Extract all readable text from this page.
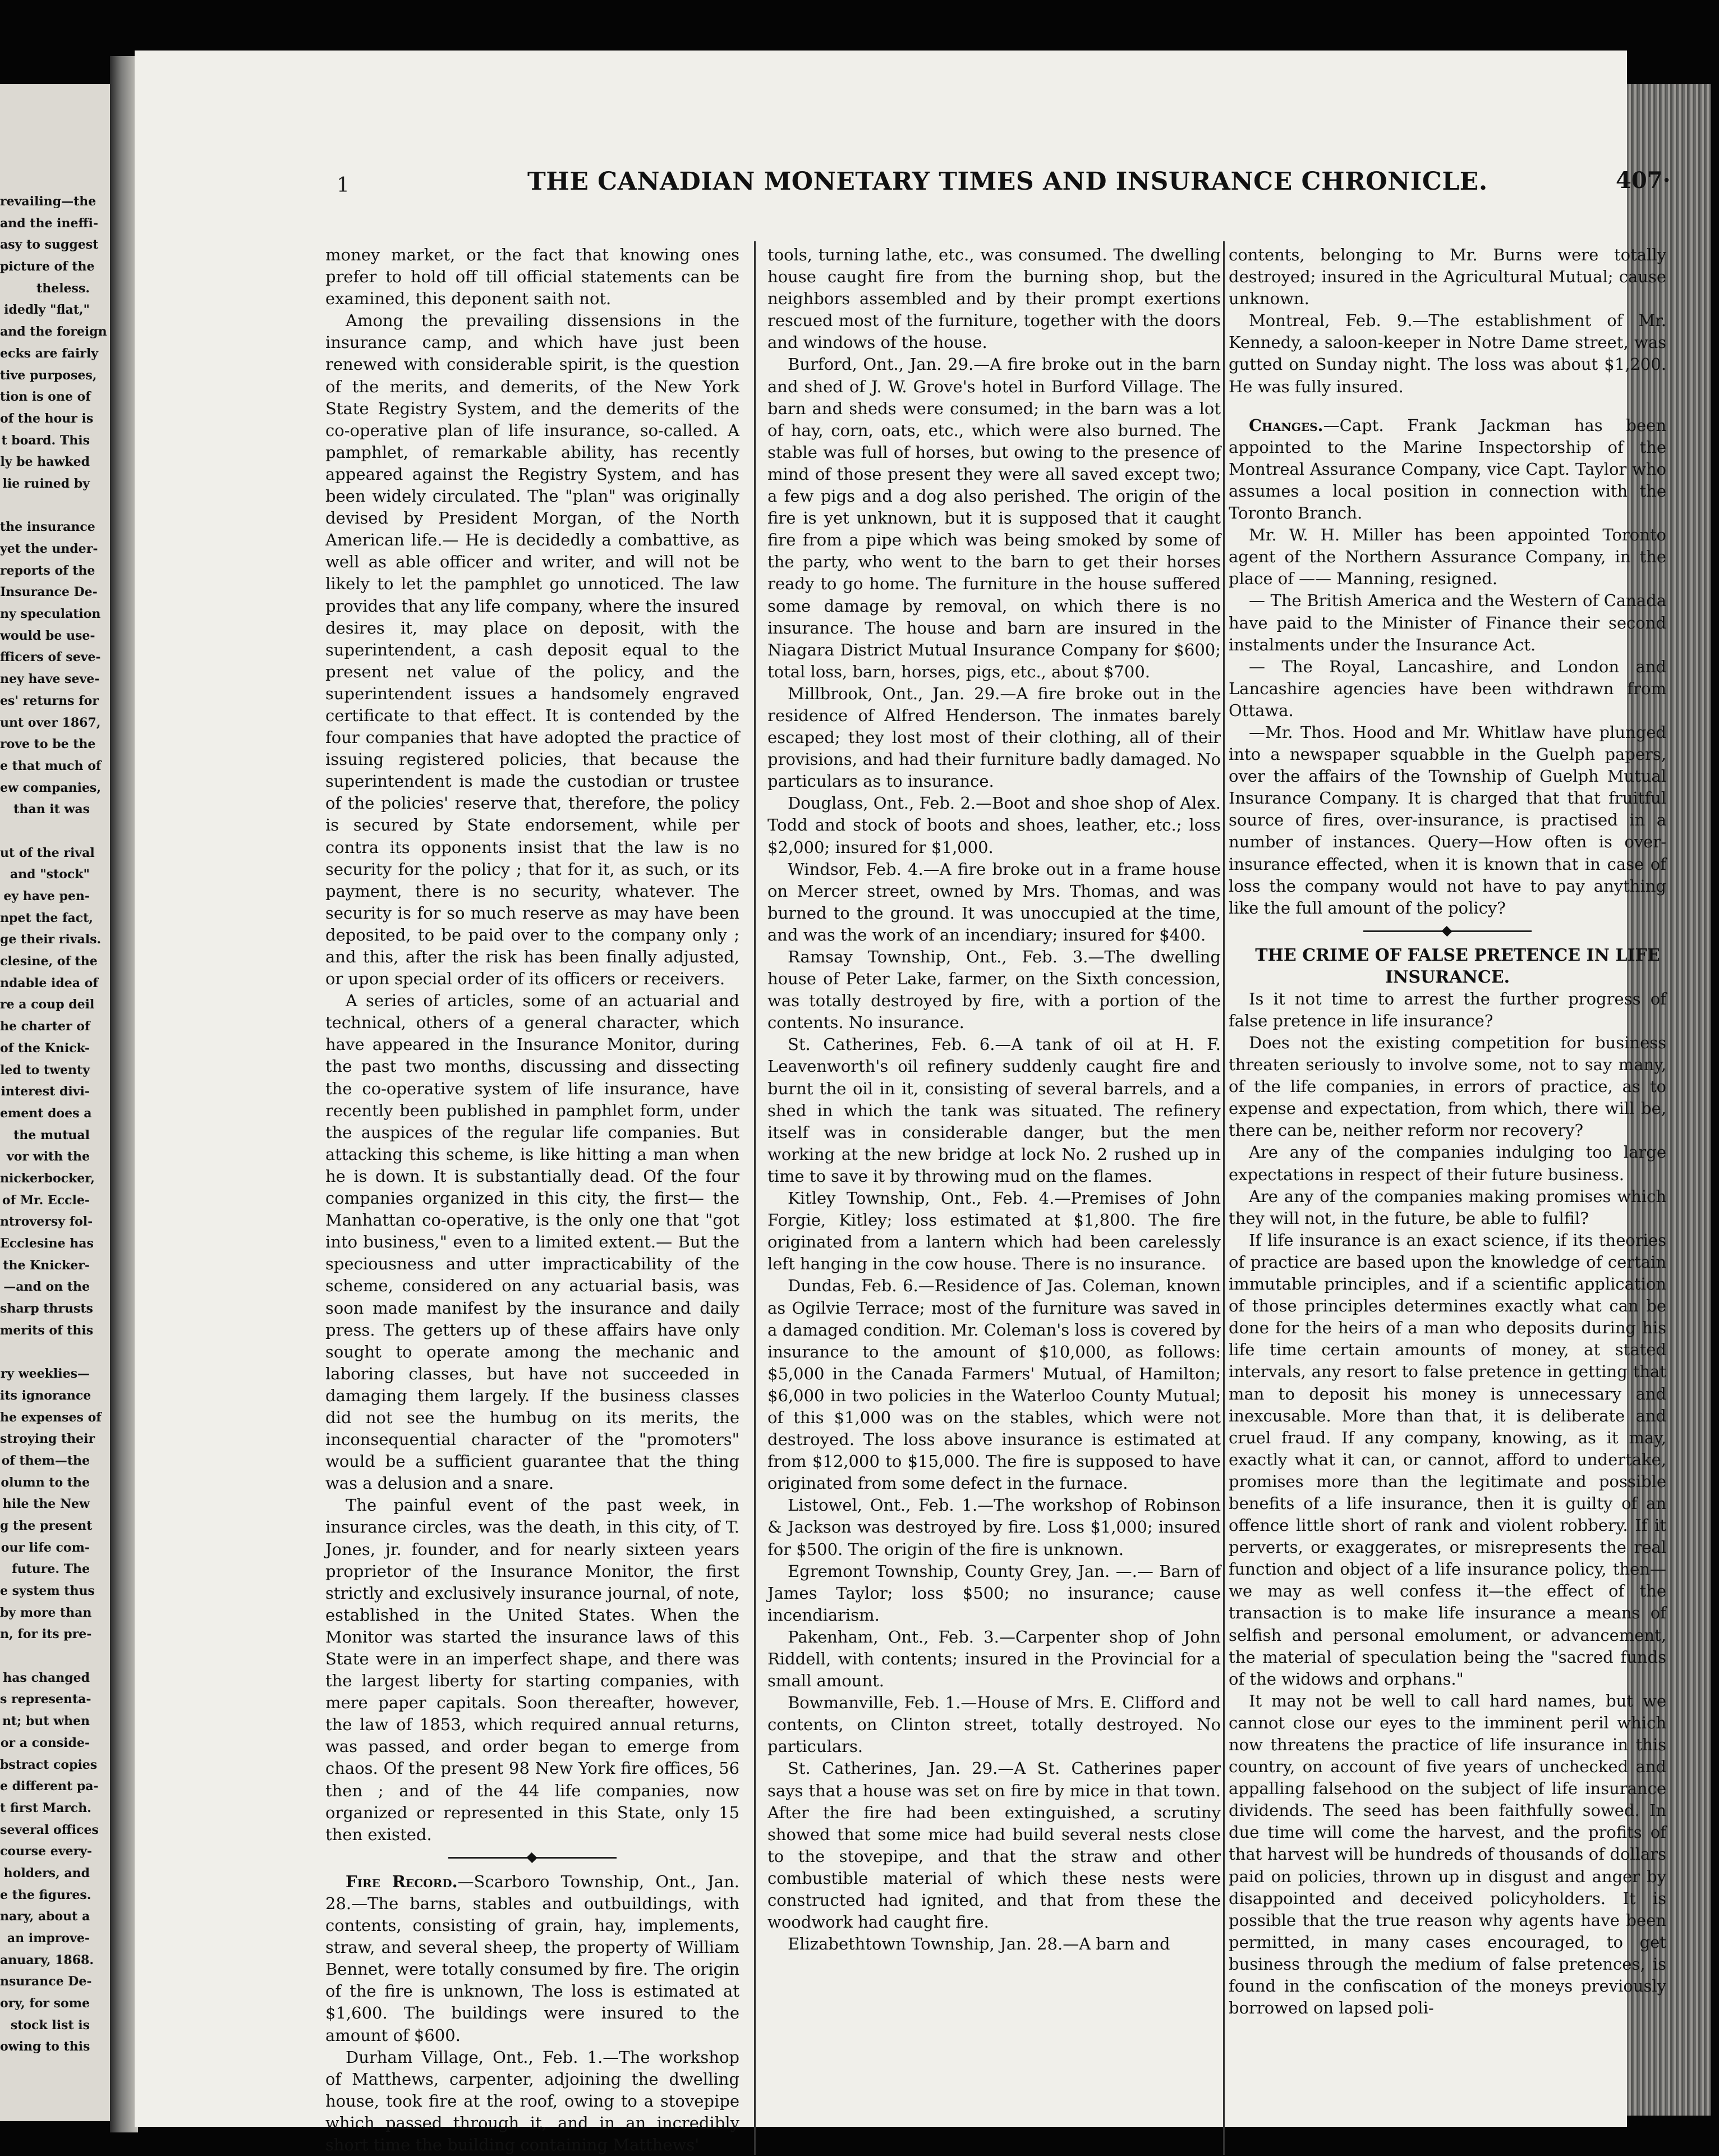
revailing—the
and the ineffi-
asy to suggest
picture of the
theless.
idedly "flat,"
and the foreign
ecks are fairly
tive purposes,
tion is one of
of the hour is
t board. This
ly be hawked
lie ruined by

the insurance
yet the under-
reports of the
Insurance De-
ny speculation
would be use-
fficers of seve-
ney have seve-
es' returns for
unt over 1867,
rove to be the
e that much of
ew companies,
than it was

ut of the rival
and "stock"
ey have pen-
npet the fact,
ge their rivals.
clesine, of the
ndable idea of
re a coup deil
he charter of
of the Knick-
led to twenty
interest divi-
ement does a
the mutual
vor with the
nickerbocker,
of Mr. Eccle-
ntroversy fol-
Ecclesine has
the Knicker-
—and on the
sharp thrusts
merits of this

ry weeklies—
its ignorance
he expenses of
stroying their
of them—the
olumn to the
hile the New
g the present
our life com-
future. The
e system thus
by more than
n, for its pre-

has changed
s representa-
nt; but when
or a conside-
bstract copies
e different pa-
t first March.
several offices
course every-
holders, and
e the figures.
nary, about a
an improve-
anuary, 1868.
nsurance De-
ory, for some
stock list is
owing to this
1	THE CANADIAN MONETARY TIMES AND INSURANCE CHRONICLE.	407·

money market, or the fact that knowing ones prefer to hold off till official statements can be examined, this deponent saith not.

Among the prevailing dissensions in the insurance camp, and which have just been renewed with considerable spirit, is the question of the merits, and demerits, of the New York State Registry System, and the demerits of the co-operative plan of life insurance, so-called. A pamphlet, of remarkable ability, has recently appeared against the Registry System, and has been widely circulated. The "plan" was originally devised by President Morgan, of the North American life.— He is decidedly a combattive, as well as able officer and writer, and will not be likely to let the pamphlet go unnoticed. The law provides that any life company, where the insured desires it, may place on deposit, with the superintendent, a cash deposit equal to the present net value of the policy, and the superintendent issues a handsomely engraved certificate to that effect. It is contended by the four companies that have adopted the practice of issuing registered policies, that because the superintendent is made the custodian or trustee of the policies' reserve that, therefore, the policy is secured by State endorsement, while per contra its opponents insist that the law is no security for the policy ; that for it, as such, or its payment, there is no security, whatever. The security is for so much reserve as may have been deposited, to be paid over to the company only ; and this, after the risk has been finally adjusted, or upon special order of its officers or receivers.

A series of articles, some of an actuarial and technical, others of a general character, which have appeared in the Insurance Monitor, during the past two months, discussing and dissecting the co-operative system of life insurance, have recently been published in pamphlet form, under the auspices of the regular life companies. But attacking this scheme, is like hitting a man when he is down. It is substantially dead. Of the four companies organized in this city, the first— the Manhattan co-operative, is the only one that "got into business," even to a limited extent.— But the speciousness and utter impracticability of the scheme, considered on any actuarial basis, was soon made manifest by the insurance and daily press. The getters up of these affairs have only sought to operate among the mechanic and laboring classes, but have not succeeded in damaging them largely. If the business classes did not see the humbug on its merits, the inconsequential character of the "promoters" would be a sufficient guarantee that the thing was a delusion and a snare.

The painful event of the past week, in insurance circles, was the death, in this city, of T. Jones, jr. founder, and for nearly sixteen years proprietor of the Insurance Monitor, the first strictly and exclusively insurance journal, of note, established in the United States. When the Monitor was started the insurance laws of this State were in an imperfect shape, and there was the largest liberty for starting companies, with mere paper capitals. Soon thereafter, however, the law of 1853, which required annual returns, was passed, and order began to emerge from chaos. Of the present 98 New York fire offices, 56 then ; and of the 44 life companies, now organized or represented in this State, only 15 then existed.

Fire Record.—Scarboro Township, Ont., Jan. 28.—The barns, stables and outbuildings, with contents, consisting of grain, hay, implements, straw, and several sheep, the property of William Bennet, were totally consumed by fire. The origin of the fire is unknown, The loss is estimated at $1,600. The buildings were insured to the amount of $600.

Durham Village, Ont., Feb. 1.—The workshop of Matthews, carpenter, adjoining the dwelling house, took fire at the roof, owing to a stovepipe which passed through it, and in an incredibly short time the building containing Matthews'

tools, turning lathe, etc., was consumed. The dwelling house caught fire from the burning shop, but the neighbors assembled and by their prompt exertions rescued most of the furniture, together with the doors and windows of the house.

Burford, Ont., Jan. 29.—A fire broke out in the barn and shed of J. W. Grove's hotel in Burford Village. The barn and sheds were consumed; in the barn was a lot of hay, corn, oats, etc., which were also burned. The stable was full of horses, but owing to the presence of mind of those present they were all saved except two; a few pigs and a dog also perished. The origin of the fire is yet unknown, but it is supposed that it caught fire from a pipe which was being smoked by some of the party, who went to the barn to get their horses ready to go home. The furniture in the house suffered some damage by removal, on which there is no insurance. The house and barn are insured in the Niagara District Mutual Insurance Company for $600; total loss, barn, horses, pigs, etc., about $700.

Millbrook, Ont., Jan. 29.—A fire broke out in the residence of Alfred Henderson. The inmates barely escaped; they lost most of their clothing, all of their provisions, and had their furniture badly damaged. No particulars as to insurance.

Douglass, Ont., Feb. 2.—Boot and shoe shop of Alex. Todd and stock of boots and shoes, leather, etc.; loss $2,000; insured for $1,000.

Windsor, Feb. 4.—A fire broke out in a frame house on Mercer street, owned by Mrs. Thomas, and was burned to the ground. It was unoccupied at the time, and was the work of an incendiary; insured for $400.

Ramsay Township, Ont., Feb. 3.—The dwelling house of Peter Lake, farmer, on the Sixth concession, was totally destroyed by fire, with a portion of the contents. No insurance.

St. Catherines, Feb. 6.—A tank of oil at H. F. Leavenworth's oil refinery suddenly caught fire and burnt the oil in it, consisting of several barrels, and a shed in which the tank was situated. The refinery itself was in considerable danger, but the men working at the new bridge at lock No. 2 rushed up in time to save it by throwing mud on the flames.

Kitley Township, Ont., Feb. 4.—Premises of John Forgie, Kitley; loss estimated at $1,800. The fire originated from a lantern which had been carelessly left hanging in the cow house. There is no insurance.

Dundas, Feb. 6.—Residence of Jas. Coleman, known as Ogilvie Terrace; most of the furniture was saved in a damaged condition. Mr. Coleman's loss is covered by insurance to the amount of $10,000, as follows: $5,000 in the Canada Farmers' Mutual, of Hamilton; $6,000 in two policies in the Waterloo County Mutual; of this $1,000 was on the stables, which were not destroyed. The loss above insurance is estimated at from $12,000 to $15,000. The fire is supposed to have originated from some defect in the furnace.

Listowel, Ont., Feb. 1.—The workshop of Robinson & Jackson was destroyed by fire. Loss $1,000; insured for $500. The origin of the fire is unknown.

Egremont Township, County Grey, Jan. —.— Barn of James Taylor; loss $500; no insurance; cause incendiarism.

Pakenham, Ont., Feb. 3.—Carpenter shop of John Riddell, with contents; insured in the Provincial for a small amount.

Bowmanville, Feb. 1.—House of Mrs. E. Clifford and contents, on Clinton street, totally destroyed. No particulars.

St. Catherines, Jan. 29.—A St. Catherines paper says that a house was set on fire by mice in that town. After the fire had been extinguished, a scrutiny showed that some mice had build several nests close to the stovepipe, and that the straw and other combustible material of which these nests were constructed had ignited, and that from these the woodwork had caught fire.

Elizabethtown Township, Jan. 28.—A barn and

contents, belonging to Mr. Burns were totally destroyed; insured in the Agricultural Mutual; cause unknown.

Montreal, Feb. 9.—The establishment of Mr. Kennedy, a saloon-keeper in Notre Dame street, was gutted on Sunday night. The loss was about $1,200. He was fully insured.

Changes.—Capt. Frank Jackman has been appointed to the Marine Inspectorship of the Montreal Assurance Company, vice Capt. Taylor who assumes a local position in connection with the Toronto Branch.

Mr. W. H. Miller has been appointed Toronto agent of the Northern Assurance Company, in the place of —— Manning, resigned.

— The British America and the Western of Canada have paid to the Minister of Finance their second instalments under the Insurance Act.

— The Royal, Lancashire, and London and Lancashire agencies have been withdrawn from Ottawa.

—Mr. Thos. Hood and Mr. Whitlaw have plunged into a newspaper squabble in the Guelph papers, over the affairs of the Township of Guelph Mutual Insurance Company. It is charged that that fruitful source of fires, over-insurance, is practised in a number of instances. Query—How often is over-insurance effected, when it is known that in case of loss the company would not have to pay anything like the full amount of the policy?

THE CRIME OF FALSE PRETENCE IN LIFE INSURANCE.

Is it not time to arrest the further progress of false pretence in life insurance?

Does not the existing competition for business threaten seriously to involve some, not to say many, of the life companies, in errors of practice, as to expense and expectation, from which, there will be, there can be, neither reform nor recovery?

Are any of the companies indulging too large expectations in respect of their future business.

Are any of the companies making promises which they will not, in the future, be able to fulfil?

If life insurance is an exact science, if its theories of practice are based upon the knowledge of certain immutable principles, and if a scientific application of those principles determines exactly what can be done for the heirs of a man who deposits during his life time certain amounts of money, at stated intervals, any resort to false pretence in getting that man to deposit his money is unnecessary and inexcusable. More than that, it is deliberate and cruel fraud. If any company, knowing, as it may, exactly what it can, or cannot, afford to undertake, promises more than the legitimate and possible benefits of a life insurance, then it is guilty of an offence little short of rank and violent robbery. If it perverts, or exaggerates, or misrepresents the real function and object of a life insurance policy, then—we may as well confess it—the effect of the transaction is to make life insurance a means of selfish and personal emolument, or advancement, the material of speculation being the "sacred funds of the widows and orphans."

It may not be well to call hard names, but we cannot close our eyes to the imminent peril which now threatens the practice of life insurance in this country, on account of five years of unchecked and appalling falsehood on the subject of life insurance dividends. The seed has been faithfully sowed. In due time will come the harvest, and the profits of that harvest will be hundreds of thousands of dollars paid on policies, thrown up in disgust and anger by disappointed and deceived policyholders. It is possible that the true reason why agents have been permitted, in many cases encouraged, to get business through the medium of false pretences, is found in the confiscation of the moneys previously borrowed on lapsed poli-
